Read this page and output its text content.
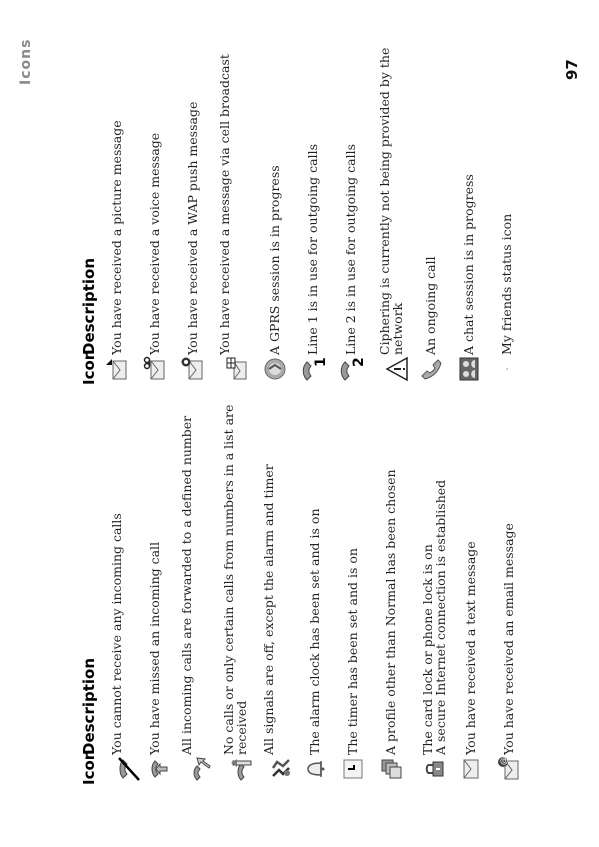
Icons	97
Icon
Description You cannot receive any incoming calls You have missed an incoming call All incoming calls are forwarded to a defined number No calls or only certain calls from numbers in a list are received All signals are off, except the alarm and timer The alarm clock has been set and is on The timer has been set and is on A profile other than Normal has been chosen The card lock or phone lock is on
A secure Internet connection is established You have received a text message
@
You have received an email message
Icon
Description You have received a picture message You have received a voice message You have received a WAP push message You have received a message via cell broadcast	A GPRS session is in progress
1
Line 1 is in use for outgoing calls
2
Line 2 is in use for outgoing calls Ciphering is currently not being provided by the network An ongoing call A chat session is in progress My friends status icon
